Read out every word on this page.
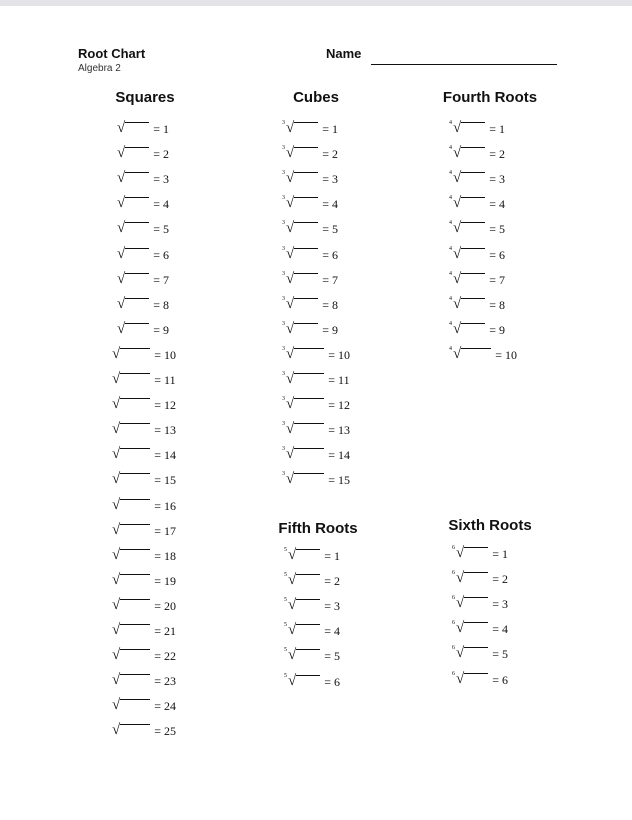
Root Chart
Algebra 2
Name
Squares
√ = 1
√ = 2
√ = 3
√ = 4
√ = 5
√ = 6
√ = 7
√ = 8
√ = 9
√	= 10
√	= 11
√	= 12
√	= 13
√	= 14
√	= 15
√	= 16
√	= 17
√	= 18
√	= 19
√	= 20
√	= 21
√	= 22
√	= 23
√	= 24
√	= 25
Cubes
3 √ = 1
3 √ = 2
3 √ = 3
3 √ = 4
3 √ = 5
3 √ = 6
3 √ = 7
3 √ = 8
3 √ = 9
3 √	= 10
3 √	= 11
3 √	= 12
3 √	= 13
3 √	= 14
3 √	= 15
Fourth Roots
4 √ = 1
4 √ = 2
4 √ = 3
4 √ = 4
4 √ = 5
4 √ = 6
4 √ = 7
4 √ = 8
4 √ = 9
4 √	= 10
Fifth Roots
5 √ = 1
5 √ = 2
5 √ = 3
5 √ = 4
5 √ = 5
5 √ = 6
Sixth Roots
6 √ = 1
6 √ = 2
6 √ = 3
6 √ = 4
6 √ = 5
6 √ = 6
